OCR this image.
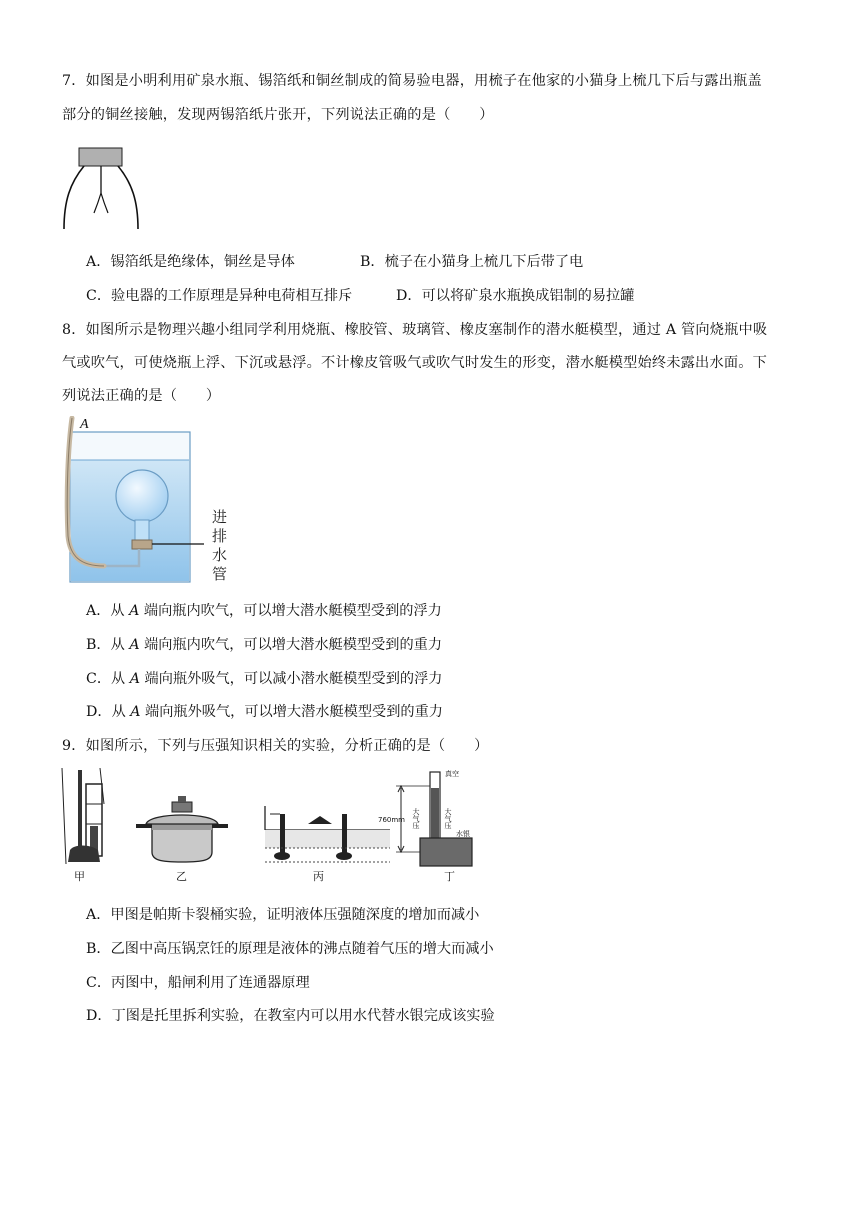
7．如图是小明利用矿泉水瓶、锡箔纸和铜丝制成的简易验电器，用梳子在他家的小猫身上梳几下后与露出瓶盖
部分的铜丝接触，发现两锡箔纸片张开，下列说法正确的是（　　）
A．锡箔纸是绝缘体，铜丝是导体	B．梳子在小猫身上梳几下后带了电
C．验电器的工作原理是异种电荷相互排斥	D．可以将矿泉水瓶换成铝制的易拉罐
8．如图所示是物理兴趣小组同学利用烧瓶、橡胶管、玻璃管、橡皮塞制作的潜水艇模型，通过 A 管向烧瓶中吸
气或吹气，可使烧瓶上浮、下沉或悬浮。不计橡皮管吸气或吹气时发生的形变，潜水艇模型始终未露出水面。下
列说法正确的是（　　）
A
进 排 水 管
A．从 A 端向瓶内吹气，可以增大潜水艇模型受到的浮力
B．从 A 端向瓶内吹气，可以增大潜水艇模型受到的重力
C．从 A 端向瓶外吸气，可以减小潜水艇模型受到的浮力
D．从 A 端向瓶外吸气，可以增大潜水艇模型受到的重力
9．如图所示，下列与压强知识相关的实验，分析正确的是（　　）
甲	乙	丙
真空
760mm 大气压	大气压
水银
丁
A．甲图是帕斯卡裂桶实验，证明液体压强随深度的增加而减小
B．乙图中高压锅烹饪的原理是液体的沸点随着气压的增大而减小
C．丙图中，船闸利用了连通器原理
D．丁图是托里拆利实验，在教室内可以用水代替水银完成该实验
